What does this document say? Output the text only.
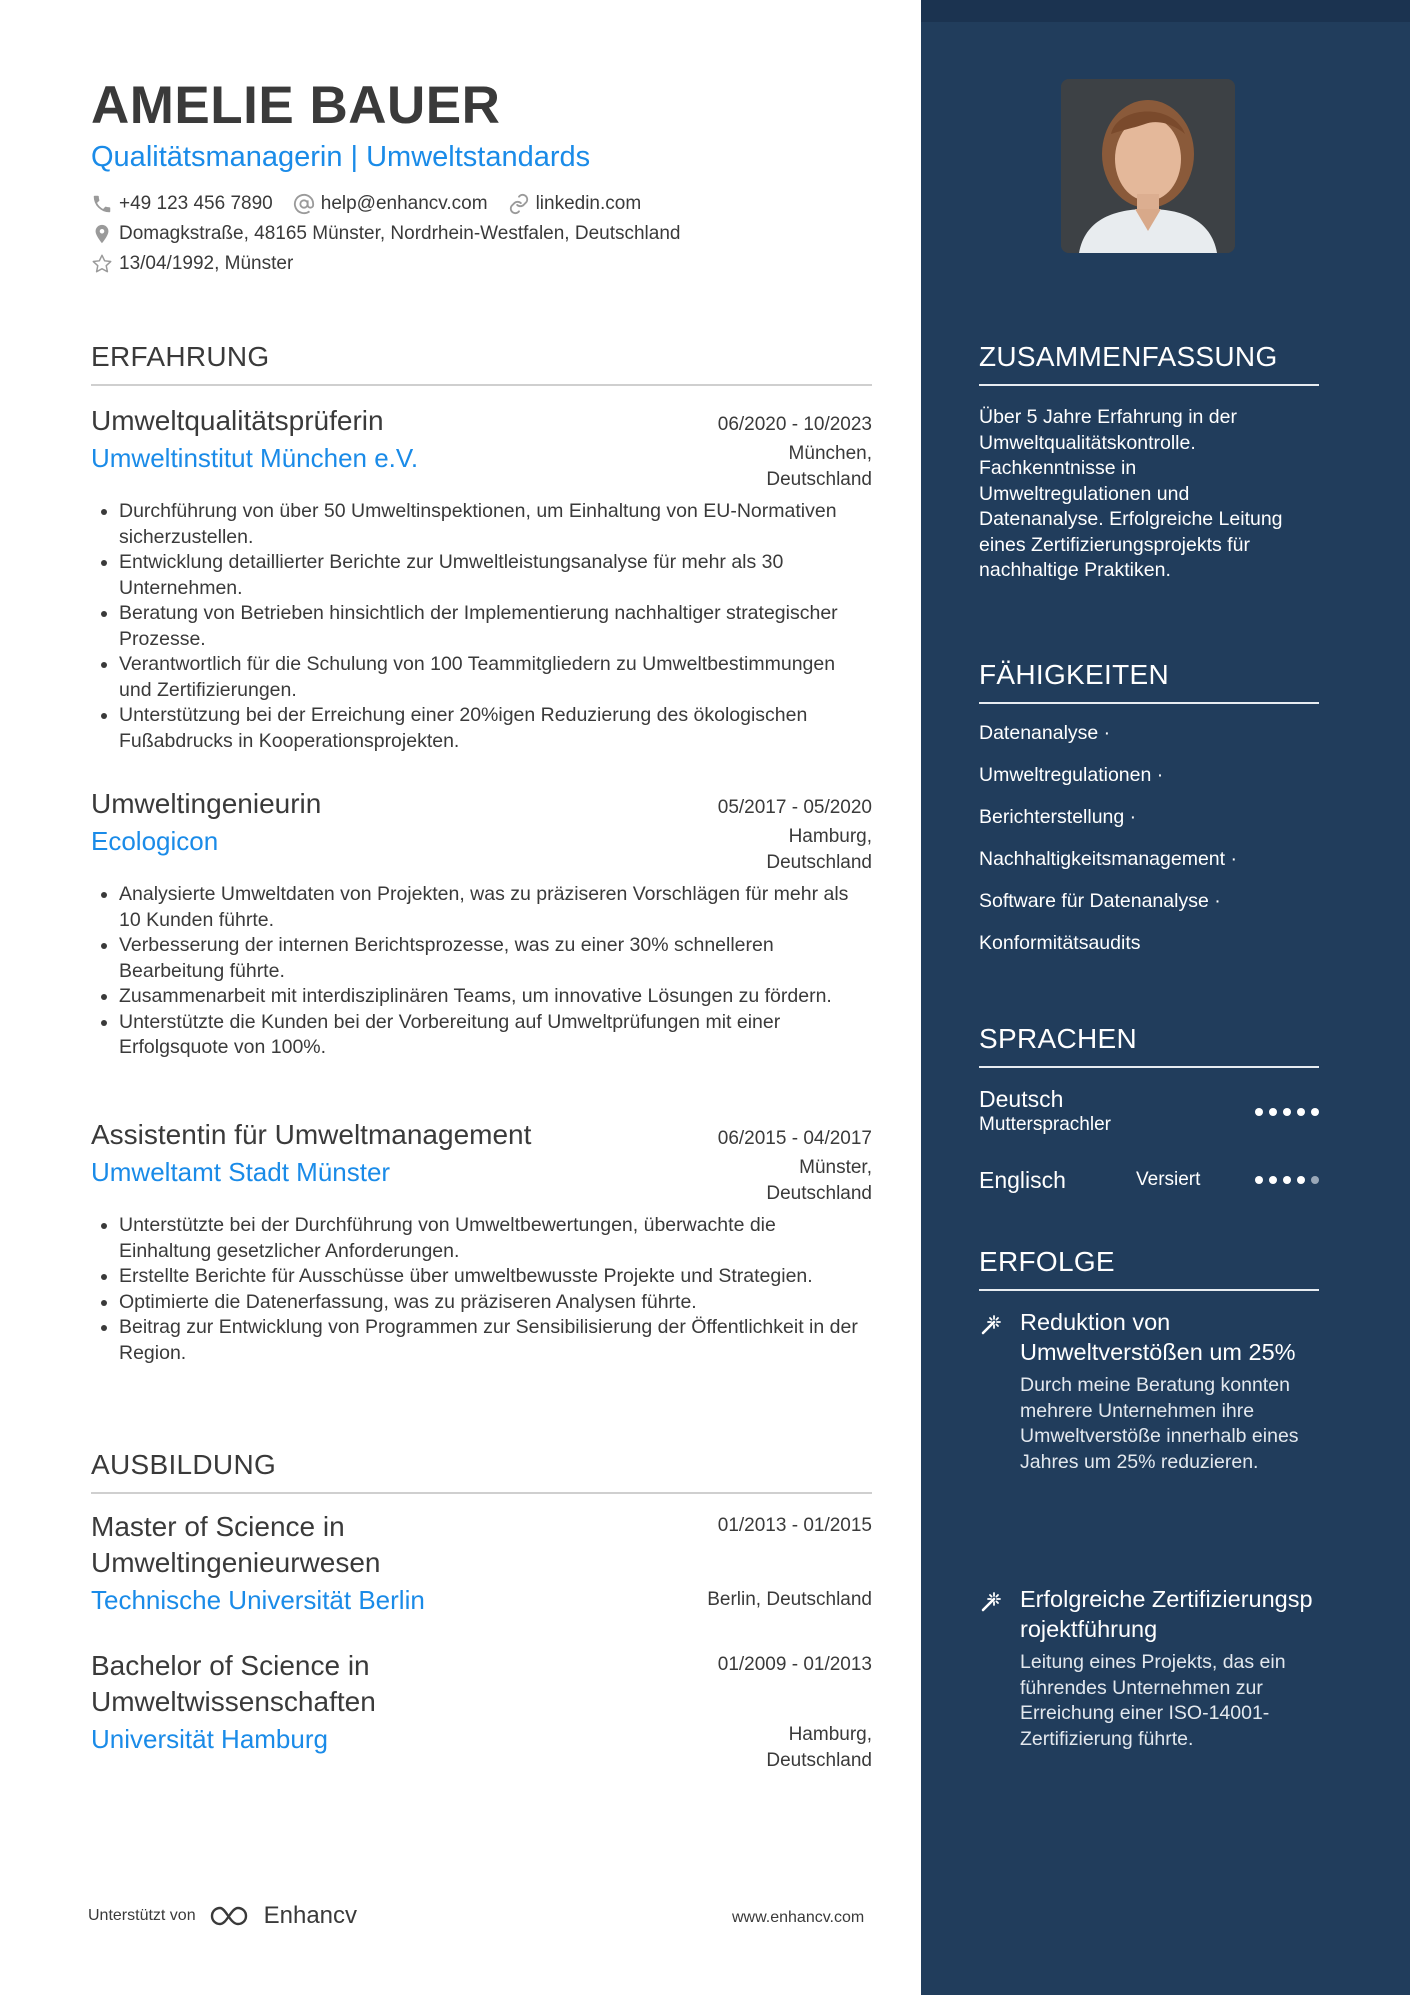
AMELIE BAUER
Qualitätsmanagerin | Umweltstandards
+49 123 456 7890	help@enhancv.com	linkedin.com
Domagkstraße, 48165 Münster, Nordrhein-Westfalen, Deutschland
13/04/1992, Münster
ERFAHRUNG
Umweltqualitätsprüferin	06/2020 - 10/2023
Umweltinstitut München e.V.	München,
Deutschland
• Durchführung von über 50 Umweltinspektionen, um Einhaltung von EU-Normativen sicherzustellen.
• Entwicklung detaillierter Berichte zur Umweltleistungsanalyse für mehr als 30 Unternehmen.
• Beratung von Betrieben hinsichtlich der Implementierung nachhaltiger strategischer Prozesse.
• Verantwortlich für die Schulung von 100 Teammitgliedern zu Umweltbestimmungen und Zertifizierungen.
• Unterstützung bei der Erreichung einer 20%igen Reduzierung des ökologischen Fußabdrucks in Kooperationsprojekten.
Umweltingenieurin	05/2017 - 05/2020
Ecologicon	Hamburg,
Deutschland
• Analysierte Umweltdaten von Projekten, was zu präziseren Vorschlägen für mehr als 10 Kunden führte.
• Verbesserung der internen Berichtsprozesse, was zu einer 30% schnelleren Bearbeitung führte.
• Zusammenarbeit mit interdisziplinären Teams, um innovative Lösungen zu fördern.
• Unterstützte die Kunden bei der Vorbereitung auf Umweltprüfungen mit einer Erfolgsquote von 100%.
Assistentin für Umweltmanagement	06/2015 - 04/2017
Umweltamt Stadt Münster	Münster,
Deutschland
• Unterstützte bei der Durchführung von Umweltbewertungen, überwachte die Einhaltung gesetzlicher Anforderungen.
• Erstellte Berichte für Ausschüsse über umweltbewusste Projekte und Strategien.
• Optimierte die Datenerfassung, was zu präziseren Analysen führte.
• Beitrag zur Entwicklung von Programmen zur Sensibilisierung der Öffentlichkeit in der Region.
AUSBILDUNG
Master of Science in
Umweltingenieurwesen
01/2013 - 01/2015
Technische Universität Berlin	Berlin, Deutschland
Bachelor of Science in
Umweltwissenschaften
01/2009 - 01/2013
Universität Hamburg	Hamburg,
Deutschland
Unterstützt von	Enhancv	www.enhancv.com
ZUSAMMENFASSUNG
Über 5 Jahre Erfahrung in der Umweltqualitätskontrolle. Fachkenntnisse in Umweltregulationen und Datenanalyse. Erfolgreiche Leitung eines Zertifizierungsprojekts für nachhaltige Praktiken.
FÄHIGKEITEN
Datenanalyse ·
Umweltregulationen ·
Berichterstellung ·
Nachhaltigkeitsmanagement ·
Software für Datenanalyse ·
Konformitätsaudits
SPRACHEN
Deutsch
Muttersprachler
Englisch	Versiert
ERFOLGE
Reduktion von Umweltverstößen um 25%
Durch meine Beratung konnten mehrere Unternehmen ihre Umweltverstöße innerhalb eines Jahres um 25% reduzieren.
Erfolgreiche Zertifizierungsprojektführung
Leitung eines Projekts, das ein führendes Unternehmen zur Erreichung einer ISO-14001-Zertifizierung führte.
